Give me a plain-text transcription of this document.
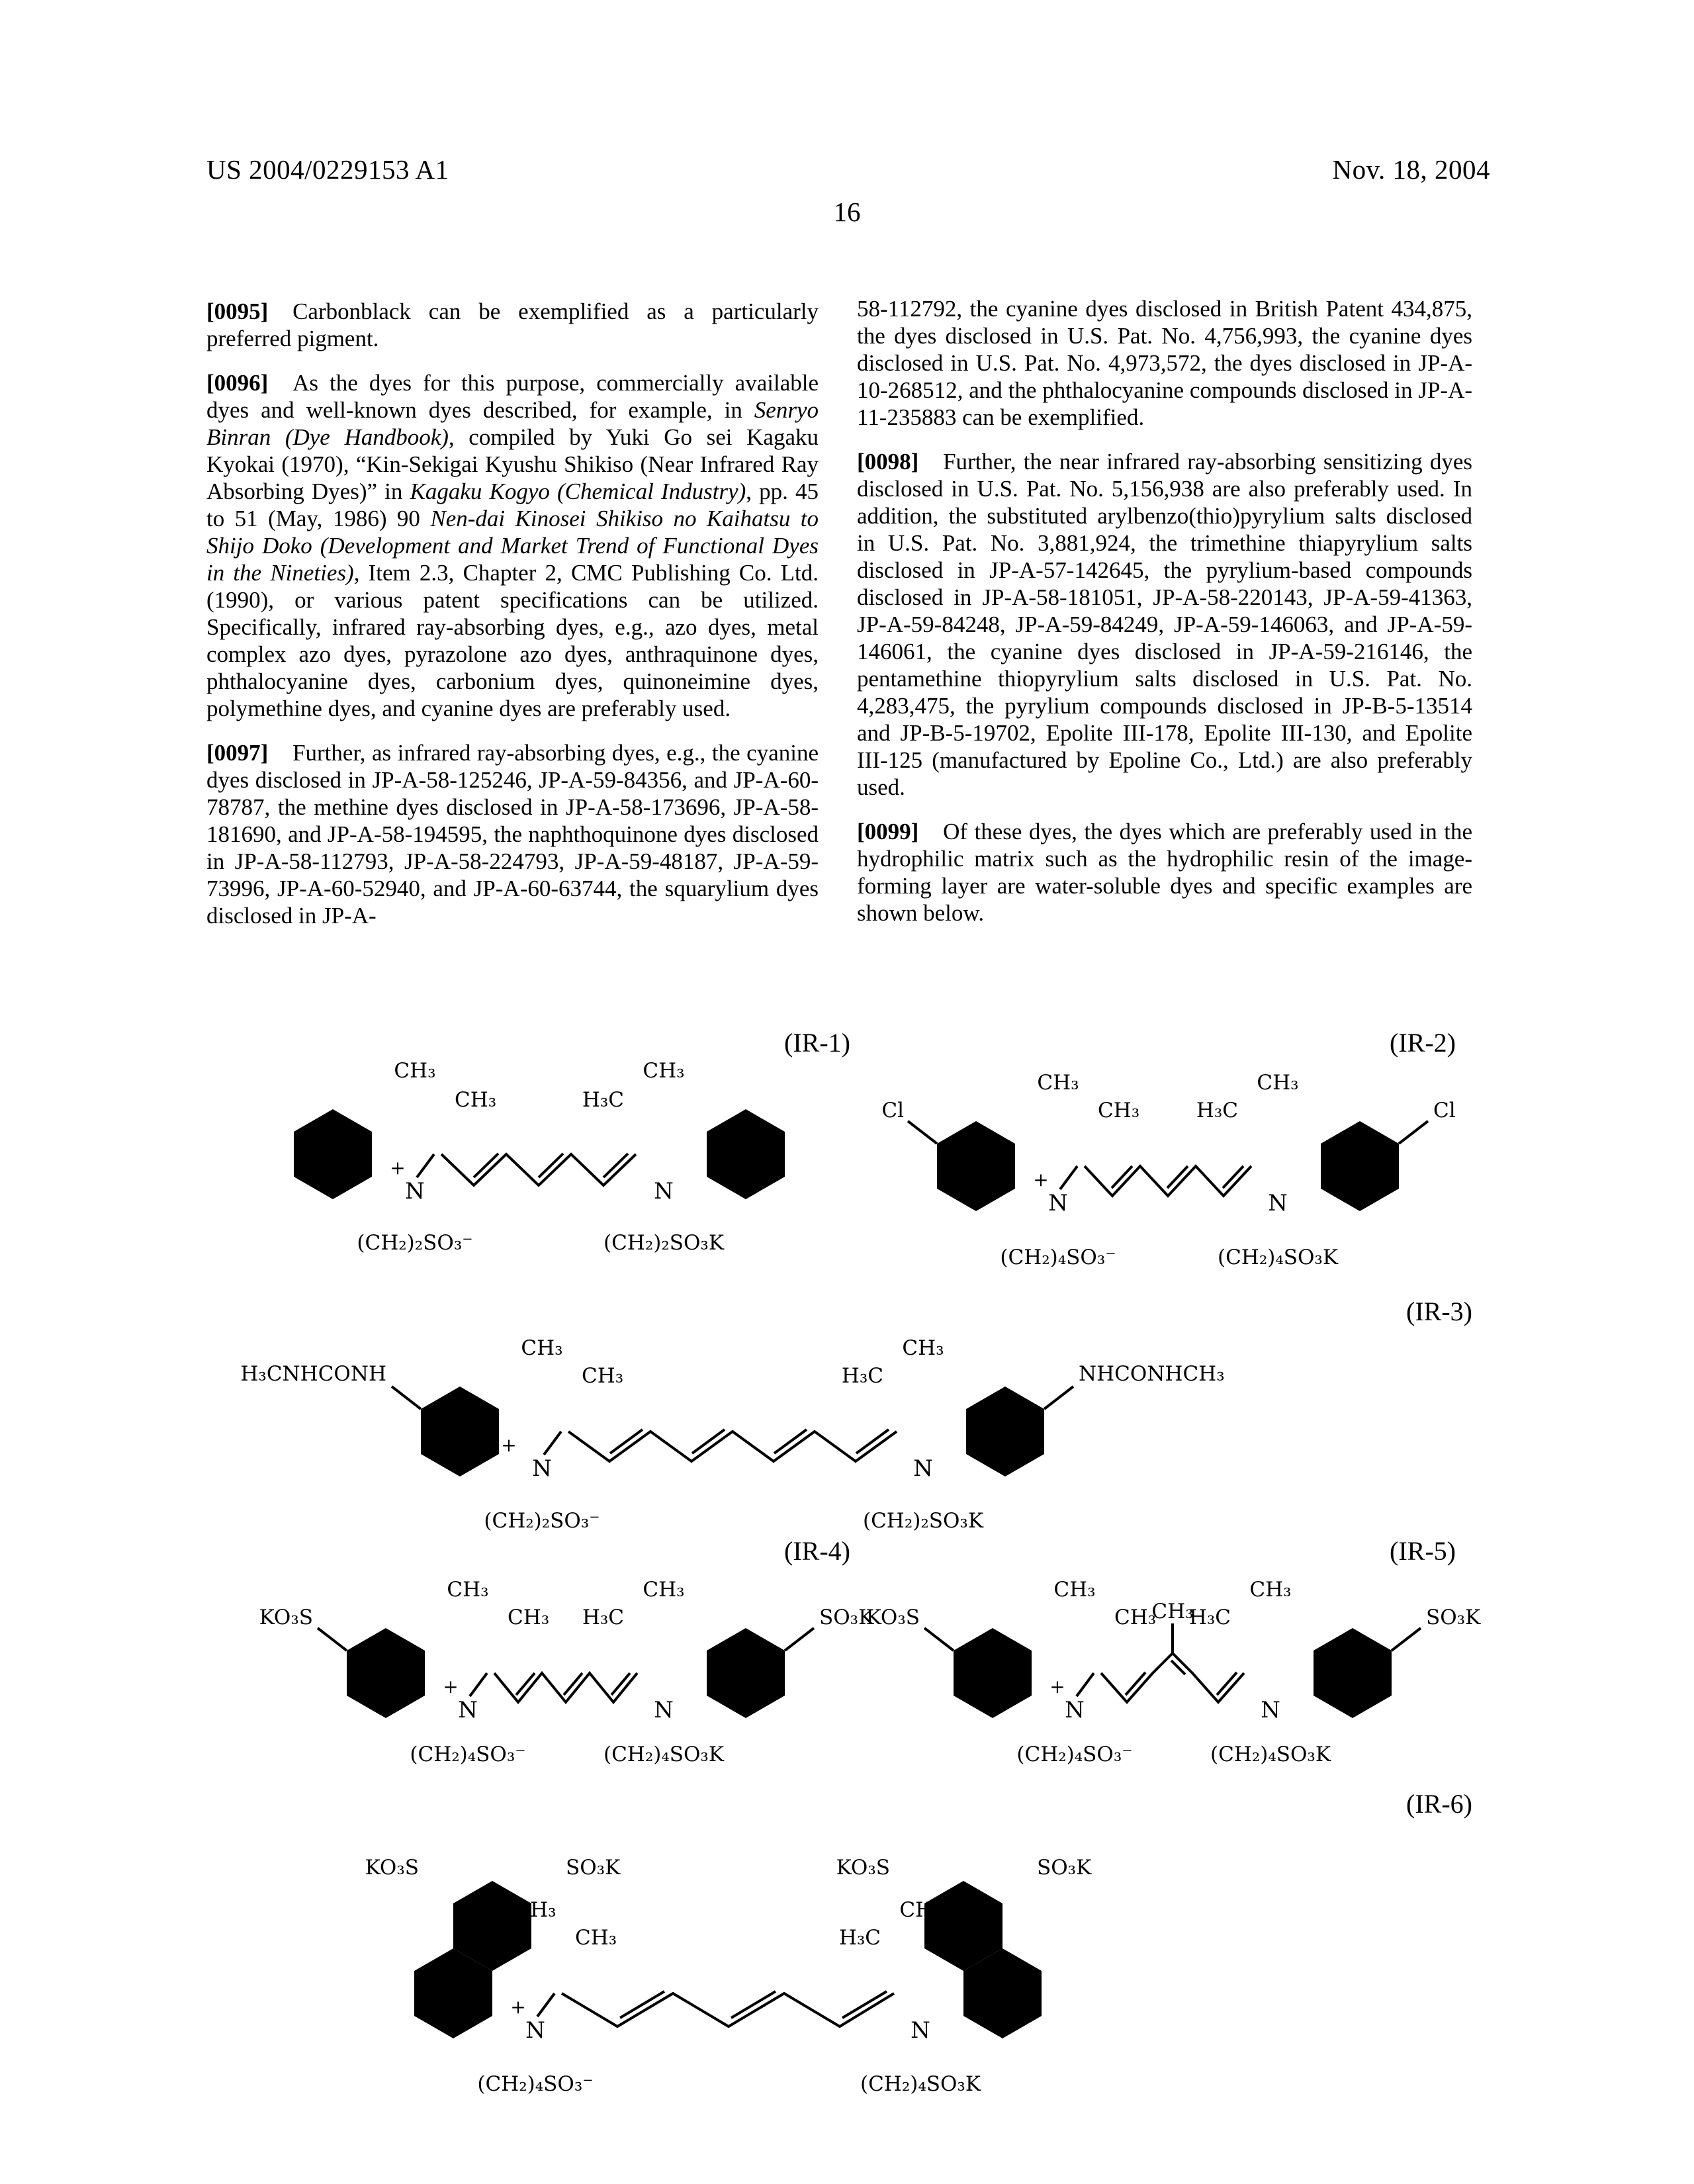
US 2004/0229153 A1	Nov. 18, 2004
16

[0095] Carbonblack can be exemplified as a particularly preferred pigment.

[0096] As the dyes for this purpose, commercially available dyes and well-known dyes described, for example, in Senryo Binran (Dye Handbook), compiled by Yuki Go sei Kagaku Kyokai (1970), “Kin-Sekigai Kyushu Shikiso (Near Infrared Ray Absorbing Dyes)” in Kagaku Kogyo (Chemical Industry), pp. 45 to 51 (May, 1986) 90 Nen-dai Kinosei Shikiso no Kaihatsu to Shijo Doko (Development and Market Trend of Functional Dyes in the Nineties), Item 2.3, Chapter 2, CMC Publishing Co. Ltd. (1990), or various patent specifications can be utilized. Specifically, infrared ray-absorbing dyes, e.g., azo dyes, metal complex azo dyes, pyrazolone azo dyes, anthraquinone dyes, phthalocyanine dyes, carbonium dyes, quinoneimine dyes, polymethine dyes, and cyanine dyes are preferably used.

[0097] Further, as infrared ray-absorbing dyes, e.g., the cyanine dyes disclosed in JP-A-58-125246, JP-A-59-84356, and JP-A-60-78787, the methine dyes disclosed in JP-A-58-173696, JP-A-58-181690, and JP-A-58-194595, the naphthoquinone dyes disclosed in JP-A-58-112793, JP-A-58-224793, JP-A-59-48187, JP-A-59-73996, JP-A-60-52940, and JP-A-60-63744, the squarylium dyes disclosed in JP-A-

58-112792, the cyanine dyes disclosed in British Patent 434,875, the dyes disclosed in U.S. Pat. No. 4,756,993, the cyanine dyes disclosed in U.S. Pat. No. 4,973,572, the dyes disclosed in JP-A-10-268512, and the phthalocyanine compounds disclosed in JP-A-11-235883 can be exemplified.

[0098] Further, the near infrared ray-absorbing sensitizing dyes disclosed in U.S. Pat. No. 5,156,938 are also preferably used. In addition, the substituted arylbenzo(thio)pyrylium salts disclosed in U.S. Pat. No. 3,881,924, the trimethine thiapyrylium salts disclosed in JP-A-57-142645, the pyrylium-based compounds disclosed in JP-A-58-181051, JP-A-58-220143, JP-A-59-41363, JP-A-59-84248, JP-A-59-84249, JP-A-59-146063, and JP-A-59-146061, the cyanine dyes disclosed in JP-A-59-216146, the pentamethine thiopyrylium salts disclosed in U.S. Pat. No. 4,283,475, the pyrylium compounds disclosed in JP-B-5-13514 and JP-B-5-19702, Epolite III-178, Epolite III-130, and Epolite III-125 (manufactured by Epoline Co., Ltd.) are also preferably used.

[0099] Of these dyes, the dyes which are preferably used in the hydrophilic matrix such as the hydrophilic resin of the image-forming layer are water-soluble dyes and specific examples are shown below.

(IR-1)	(IR-2)
(IR-3)
(IR-4)	(IR-5)
(IR-6)
+
N	N
CH₃
CH₃
CH₃
H₃C
(CH₂)₂SO₃⁻	(CH₂)₂SO₃K
Cl	Cl
+
N	N
CH₃
CH₃
CH₃
H₃C
(CH₂)₄SO₃⁻	(CH₂)₄SO₃K
H₃CNHCONH	NHCONHCH₃
+
N	N
CH₃
CH₃
CH₃
H₃C
(CH₂)₂SO₃⁻	(CH₂)₂SO₃K
KO₃S	SO₃K
+
N	N
CH₃
CH₃
CH₃
H₃C
(CH₂)₄SO₃⁻	(CH₂)₄SO₃K
CH₃
KO₃S	SO₃K
+
N	N
CH₃
CH₃
CH₃
H₃C
(CH₂)₄SO₃⁻	(CH₂)₄SO₃K
KO₃S	SO₃K	KO₃S	SO₃K
+
N	N
CH₃
CH₃
CH₃
H₃C
(CH₂)₄SO₃⁻	(CH₂)₄SO₃K
